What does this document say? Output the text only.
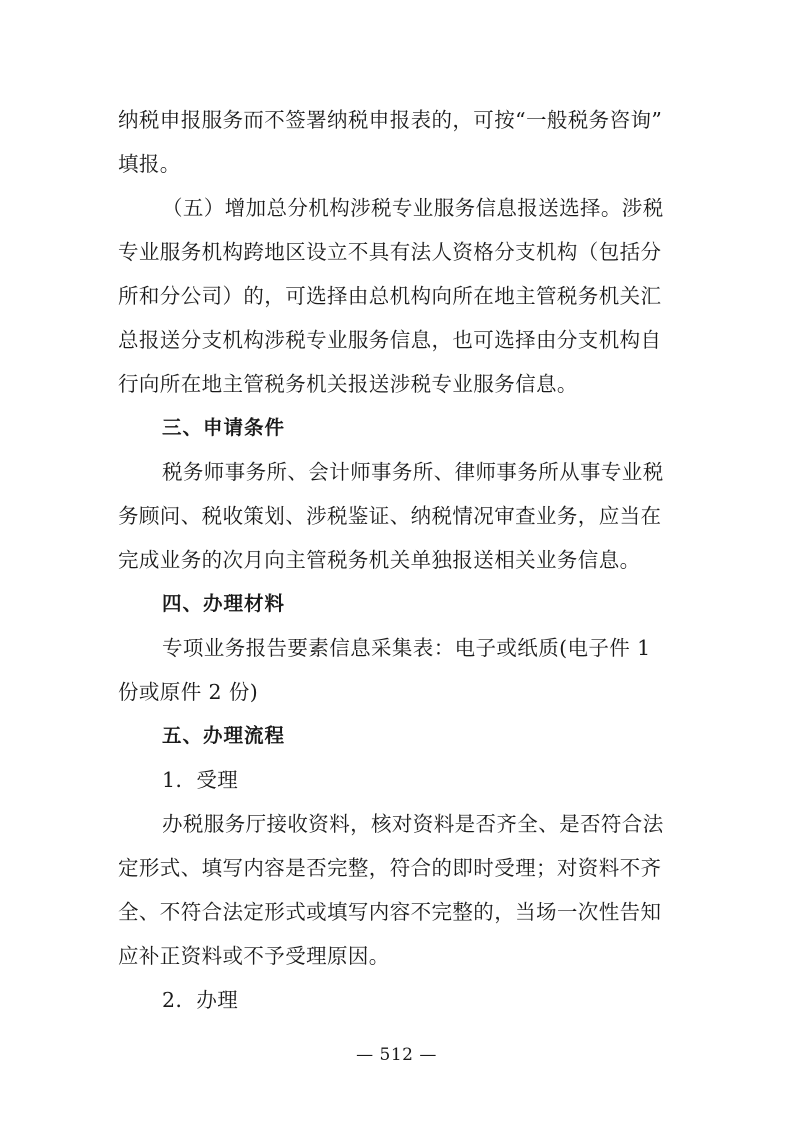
纳税申报服务而不签署纳税申报表的，可按“一般税务咨询”
填报。
（五）增加总分机构涉税专业服务信息报送选择。涉税
专业服务机构跨地区设立不具有法人资格分支机构（包括分
所和分公司）的，可选择由总机构向所在地主管税务机关汇
总报送分支机构涉税专业服务信息，也可选择由分支机构自
行向所在地主管税务机关报送涉税专业服务信息。
三、申请条件
税务师事务所、会计师事务所、律师事务所从事专业税
务顾问、税收策划、涉税鉴证、纳税情况审查业务，应当在
完成业务的次月向主管税务机关单独报送相关业务信息。
四、办理材料
专项业务报告要素信息采集表：电子或纸质(电子件 1
份或原件 2 份)
五、办理流程
1．受理
办税服务厅接收资料，核对资料是否齐全、是否符合法
定形式、填写内容是否完整，符合的即时受理；对资料不齐
全、不符合法定形式或填写内容不完整的，当场一次性告知
应补正资料或不予受理原因。
2．办理
— 512 —
